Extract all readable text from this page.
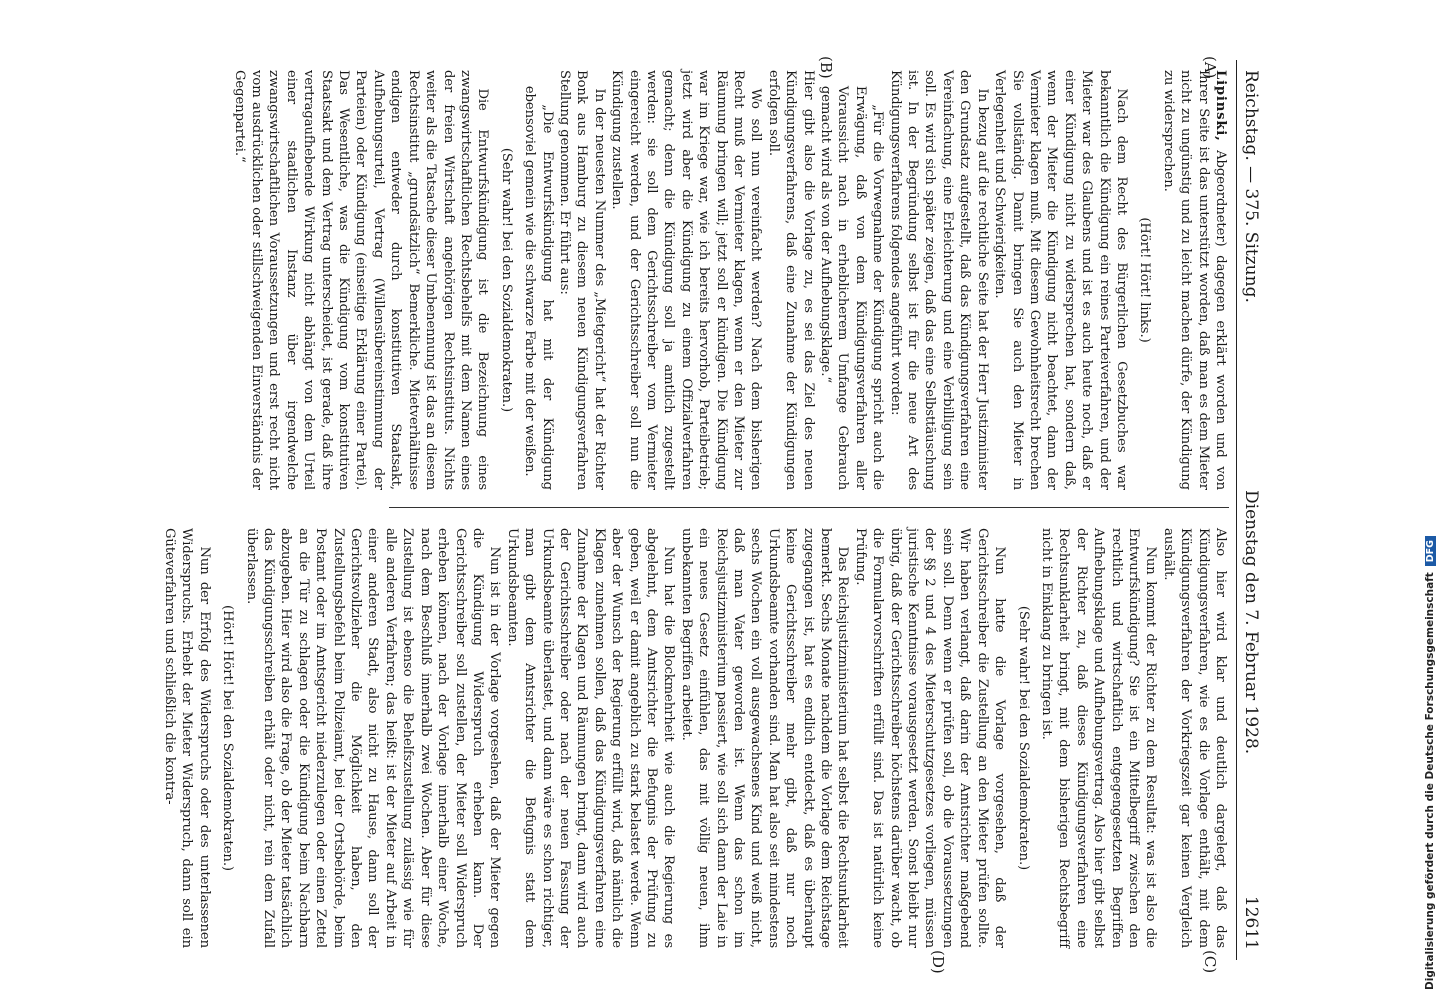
Reichstag. — 375. Sitzung.
Dienstag den 7. Februar 1928.
12611
(A)
(B)
(C)
(D)

Lipinski, Abgeordneter) dagegen erklärt worden und von Ihrer Seite ist das unterstützt worden, daß man es dem Mieter nicht zu ungünstig und zu leicht machen dürfe, der Kündigung zu widersprechen.

(Hört! Hört! links.)

Nach dem Recht des Bürgerlichen Gesetzbuches war bekanntlich die Kündigung ein reines Parteiverfahren, und der Mieter war des Glaubens und ist es auch heute noch, daß er einer Kündigung nicht zu widersprechen hat, sondern daß, wenn der Mieter die Kündigung nicht beachtet, dann der Vermieter klagen muß. Mit diesem Gewohnheitsrecht brechen Sie vollständig. Damit bringen Sie auch den Mieter in Verlegenheit und Schwierigkeiten.

In bezug auf die rechtliche Seite hat der Herr Justizminister den Grundsatz aufgestellt, daß das Kündigungsverfahren eine Vereinfachung, eine Erleichterung und eine Verbilligung sein soll. Es wird sich später zeigen, daß das eine Selbsttäuschung ist. In der Begründung selbst ist für die neue Art des Kündigungsverfahrens folgendes angeführt worden:

„Für die Vorwegnahme der Kündigung spricht auch die Erwägung, daß von dem Kündigungsverfahren aller Voraussicht nach in erheblicherem Umfange Gebrauch gemacht wird als von der Aufhebungsklage.“

Hier gibt also die Vorlage zu, es sei das Ziel des neuen Kündigungsverfahrens, daß eine Zunahme der Kündigungen erfolgen soll.

Wo soll nun vereinfacht werden? Nach dem bisherigen Recht muß der Vermieter klagen, wenn er den Mieter zur Räumung bringen will; jetzt soll er kündigen. Die Kündigung war im Kriege war, wie ich bereits hervorhob, Parteibetrieb; jetzt wird aber die Kündigung zu einem Offizialverfahren gemacht; denn die Kündigung soll ja amtlich zugestellt werden: sie soll dem Gerichtsschreiber vom Vermieter eingereicht werden, und der Gerichtsschreiber soll nun die Kündigung zustellen.

In der neuesten Nummer des „Mietgericht“ hat der Richter Bonk aus Hamburg zu diesem neuen Kündigungsverfahren Stellung genommen. Er führt aus:

„Die Entwurfskündigung hat mit der Kündigung ebensoviel gemein wie die schwarze Farbe mit der weißen.

(Sehr wahr! bei den Sozialdemokraten.)

Die Entwurfskündigung ist die Bezeichnung eines zwangswirtschaftlichen Rechtsbehelfs mit dem Namen eines der freien Wirtschaft angehörigen Rechtsinstituts. Nichts weiter als die Tatsache dieser Umbenennung ist das an diesem Rechtsinstitut „grundsätzlich“ Bemerkliche. Mietverhältnisse endigen entweder durch konstitutiven Staatsakt, Aufhebungsurteil, Vertrag (Willensübereinstimmung der Parteien) oder Kündigung (einseitige Erklärung einer Partei). Das Wesentliche, was die Kündigung vom konstitutiven Staatsakt und dem Vertrag unterscheidet, ist gerade, daß ihre vertragaufhebende Wirkung nicht abhängt von dem Urteil einer staatlichen Instanz über irgendwelche zwangswirtschaftlichen Voraussetzungen und erst recht nicht vom ausdrücklichen oder stillschweigenden Einverständnis der Gegenpartei.“

Also hier wird klar und deutlich dargelegt, daß das Kündigungsverfahren, wie es die Vorlage enthält, mit dem Kündigungsverfahren der Vorkriegszeit gar keinen Vergleich aushält.

Nun kommt der Richter zu dem Resultat: was ist also die Entwurfskündigung? Sie ist ein Mittelbegriff zwischen den rechtlich und wirtschaftlich entgegengesetzten Begriffen Aufhebungsklage und Aufhebungsvertrag. Also hier gibt selbst der Richter zu, daß dieses Kündigungsverfahren eine Rechtsunklarheit bringt, mit dem bisherigen Rechtsbegriff nicht in Einklang zu bringen ist.

(Sehr wahr! bei den Sozialdemokraten.)

Nun hatte die Vorlage vorgesehen, daß der Gerichtsschreiber die Zustellung an den Mieter prüfen sollte. Wir haben verlangt, daß darin der Amtsrichter maßgebend sein soll. Denn wenn er prüfen soll, ob die Voraussetzungen der §§ 2 und 4 des Mieterschutzgesetzes vorliegen, müssen juristische Kenntnisse vorausgesetzt werden. Sonst bleibt nur übrig, daß der Gerichtsschreiber höchstens darüber wacht, ob die Formularvorschriften erfüllt sind. Das ist natürlich keine Prüfung.

Das Reichsjustizministerium hat selbst die Rechtsunklarheit bemerkt. Sechs Monate nachdem die Vorlage dem Reichstage zugegangen ist, hat es endlich entdeckt, daß es überhaupt keine Gerichtsschreiber mehr gibt, daß nur noch Urkundsbeamte vorhanden sind. Man hat also seit mindestens sechs Wochen ein voll ausgewachsenes Kind und weiß nicht, daß man Vater geworden ist. Wenn das schon im Reichsjustizministerium passiert, wie soll sich dann der Laie in ein neues Gesetz einfühlen, das mit völlig neuen, ihm unbekannten Begriffen arbeitet.

Nun hat die Blockmehrheit wie auch die Regierung es abgelehnt, dem Amtsrichter die Befugnis der Prüfung zu geben, weil er damit angeblich zu stark belastet werde. Wenn aber der Wunsch der Regierung erfüllt wird, daß nämlich die Klagen zunehmen sollen, daß das Kündigungsverfahren eine Zunahme der Klagen und Räumungen bringt, dann wird auch der Gerichtsschreiber oder nach der neuen Fassung der Urkundsbeamte überlastet, und dann wäre es schon richtiger, man gibt dem Amtsrichter die Befugnis statt dem Urkundsbeamten.

Nun ist in der Vorlage vorgesehen, daß der Mieter gegen die Kündigung Widerspruch erheben kann. Der Gerichtsschreiber soll zustellen, der Mieter soll Widerspruch erheben können, nach der Vorlage innerhalb einer Woche, nach dem Beschluß innerhalb zwei Wochen. Aber für diese Zustellung ist ebenso die Behelfszustellung zulässig wie für alle anderen Verfahren; das heißt: ist der Mieter auf Arbeit in einer anderen Stadt, also nicht zu Hause, dann soll der Gerichtsvollzieher die Möglichkeit haben, den Zustellungsbefehl beim Polizeiamt, bei der Ortsbehörde, beim Postamt oder im Amtsgericht niederzulegen oder einen Zettel an die Tür zu schlagen oder die Kündigung beim Nachbarn abzugeben. Hier wird also die Frage, ob der Mieter tatsächlich das Kündigungsschreiben erhält oder nicht, rein dem Zufall überlassen.

(Hört! Hört! bei den Sozialdemokraten.)

Nun der Erfolg des Widerspruchs oder des unterlassenen Widerspruchs. Erhebt der Mieter Widerspruch, dann soll ein Güteverfahren und schließlich die kontra-	Digitalisierung gefördert durch die Deutsche ForschungsgemeinschaftDFG
